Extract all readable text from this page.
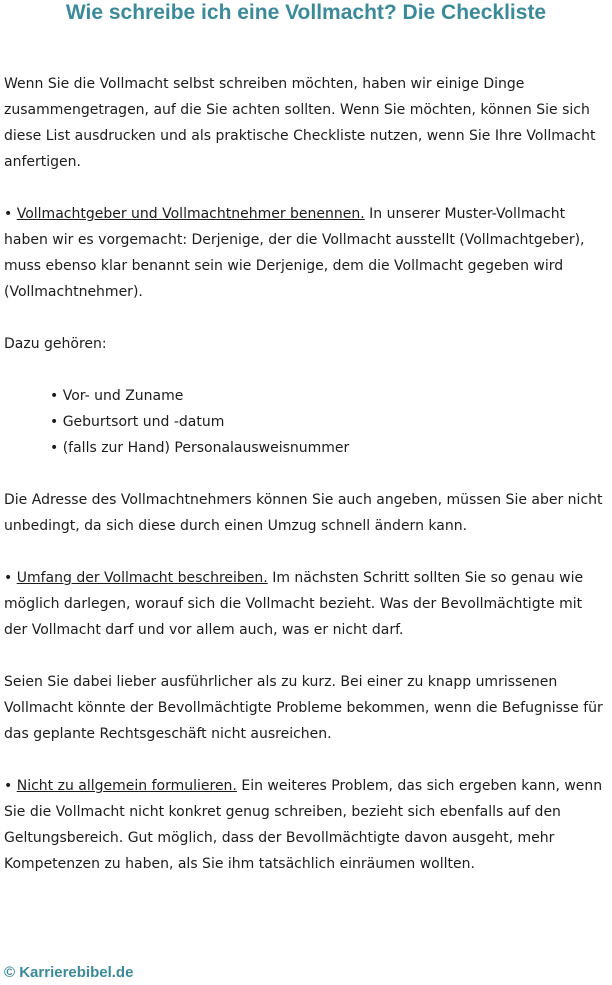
Wie schreibe ich eine Vollmacht? Die Checkliste

Wenn Sie die Vollmacht selbst schreiben möchten, haben wir einige Dinge zusammengetragen, auf die Sie achten sollten. Wenn Sie möchten, können Sie sich diese List ausdrucken und als praktische Checkliste nutzen, wenn Sie Ihre Vollmacht anfertigen.

• Vollmachtgeber und Vollmachtnehmer benennen. In unserer Muster-Vollmacht haben wir es vorgemacht: Derjenige, der die Vollmacht ausstellt (Vollmachtgeber), muss ebenso klar benannt sein wie Derjenige, dem die Vollmacht gegeben wird (Vollmachtnehmer).

Dazu gehören:

• Vor- und Zuname
• Geburtsort und -datum
• (falls zur Hand) Personalausweisnummer

Die Adresse des Vollmachtnehmers können Sie auch angeben, müssen Sie aber nicht unbedingt, da sich diese durch einen Umzug schnell ändern kann.

• Umfang der Vollmacht beschreiben. Im nächsten Schritt sollten Sie so genau wie möglich darlegen, worauf sich die Vollmacht bezieht. Was der Bevollmächtigte mit der Vollmacht darf und vor allem auch, was er nicht darf.

Seien Sie dabei lieber ausführlicher als zu kurz. Bei einer zu knapp umrissenen Vollmacht könnte der Bevollmächtigte Probleme bekommen, wenn die Befugnisse für das geplante Rechtsgeschäft nicht ausreichen.

• Nicht zu allgemein formulieren. Ein weiteres Problem, das sich ergeben kann, wenn Sie die Vollmacht nicht konkret genug schreiben, bezieht sich ebenfalls auf den Geltungsbereich. Gut möglich, dass der Bevollmächtigte davon ausgeht, mehr Kompetenzen zu haben, als Sie ihm tatsächlich einräumen wollten.

© Karrierebibel.de
